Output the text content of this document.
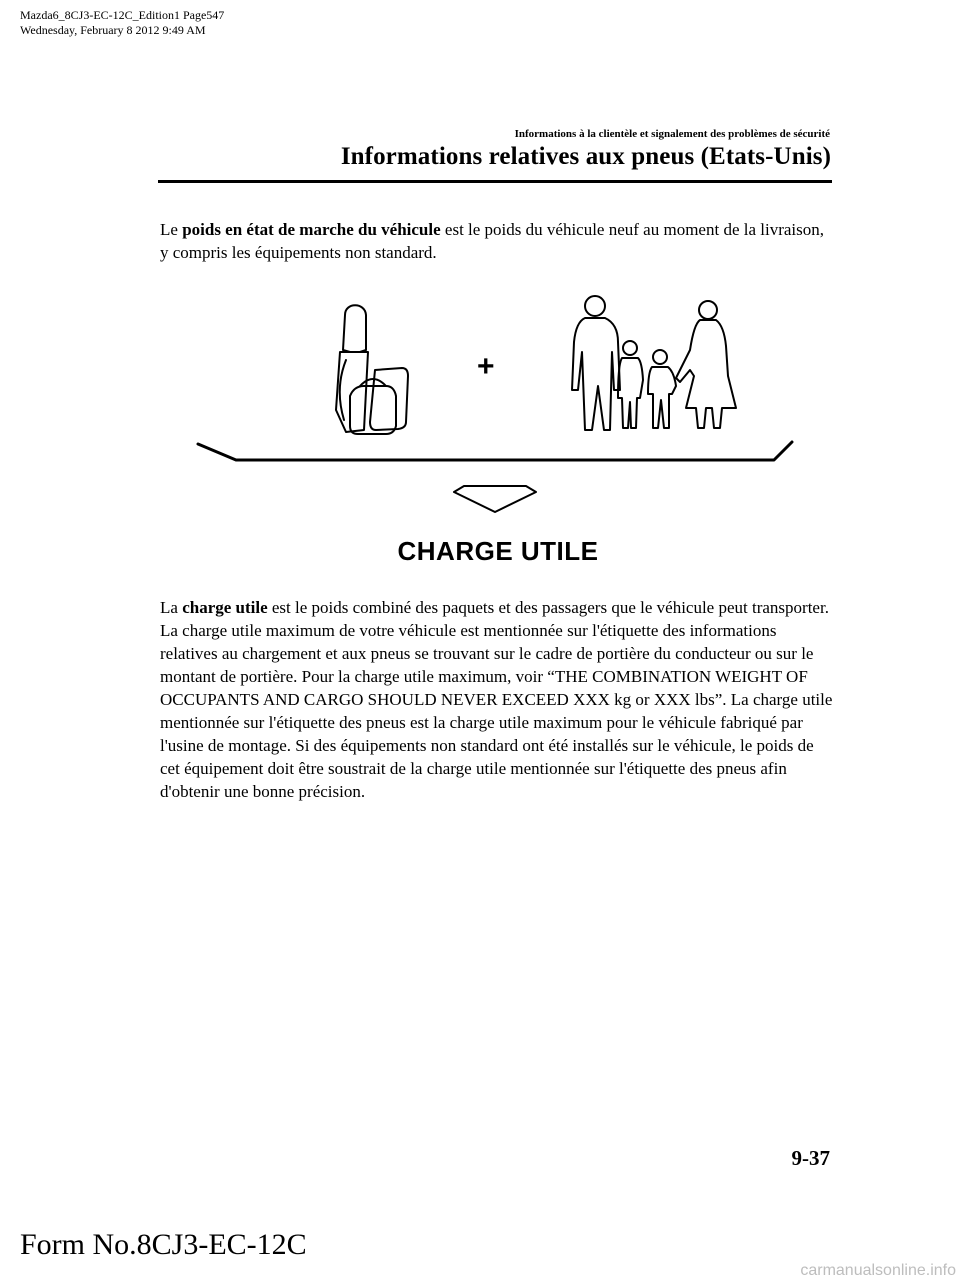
Mazda6_8CJ3-EC-12C_Edition1 Page547
Wednesday, February 8 2012 9:49 AM
Informations à la clientèle et signalement des problèmes de sécurité
Informations relatives aux pneus (Etats-Unis)
Le poids en état de marche du véhicule est le poids du véhicule neuf au moment de la livraison, y compris les équipements non standard.
+
CHARGE UTILE
La charge utile est le poids combiné des paquets et des passagers que le véhicule peut transporter. La charge utile maximum de votre véhicule est mentionnée sur l'étiquette des informations relatives au chargement et aux pneus se trouvant sur le cadre de portière du conducteur ou sur le montant de portière. Pour la charge utile maximum, voir “THE COMBINATION WEIGHT OF OCCUPANTS AND CARGO SHOULD NEVER EXCEED XXX kg or XXX lbs”. La charge utile mentionnée sur l'étiquette des pneus est la charge utile maximum pour le véhicule fabriqué par l'usine de montage. Si des équipements non standard ont été installés sur le véhicule, le poids de cet équipement doit être soustrait de la charge utile mentionnée sur l'étiquette des pneus afin d'obtenir une bonne précision.
9-37
Form No.8CJ3-EC-12C
carmanualsonline.info
